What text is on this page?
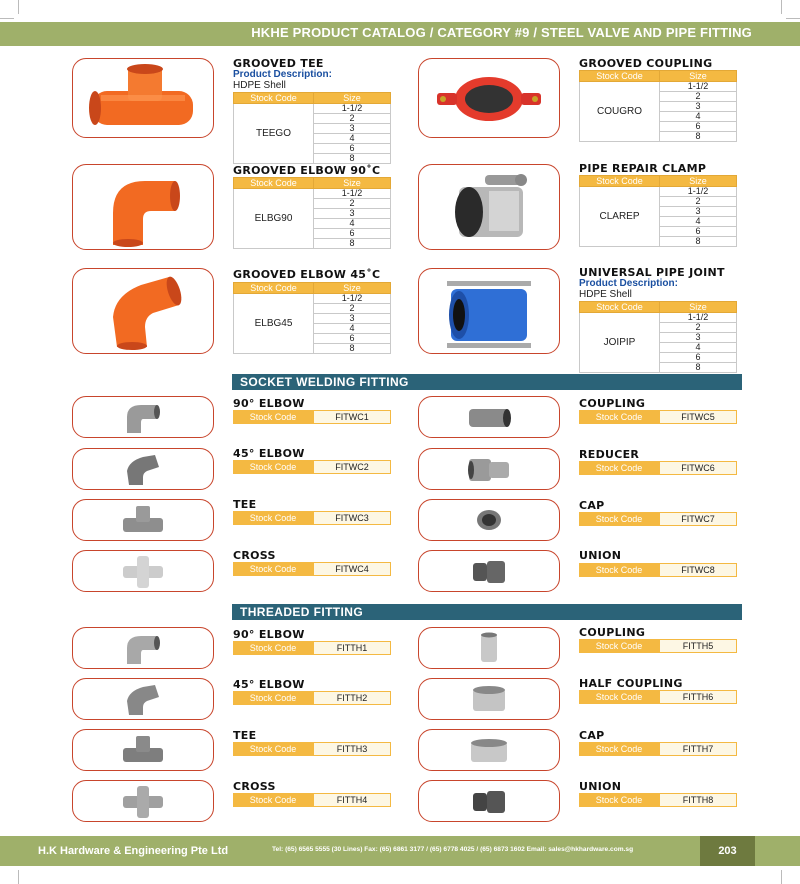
HKHE PRODUCT CATALOG / CATEGORY #9 / STEEL VALVE AND PIPE FITTING
GROOVED TEE
Product Description:
HDPE Shell
Stock Code	Size
TEEGO	1-1/2
	2
	3
	4
	6
	8
GROOVED COUPLING
Stock Code	Size
COUGRO	1-1/2
	2
	3
	4
	6
	8
GROOVED ELBOW 90˚C
Stock Code	Size
ELBG90	1-1/2
	2
	3
	4
	6
	8
PIPE REPAIR CLAMP
Stock Code	Size
CLAREP	1-1/2
	2
	3
	4
	6
	8
GROOVED ELBOW 45˚C
Stock Code	Size
ELBG45	1-1/2
	2
	3
	4
	6
	8
UNIVERSAL PIPE JOINT
Product Description:
HDPE Shell
Stock Code	Size
JOIPIP	1-1/2
	2
	3
	4
	6
	8
SOCKET WELDING FITTING
90° ELBOW
Stock Code	FITWC1
COUPLING
Stock Code	FITWC5
45° ELBOW
Stock Code	FITWC2
REDUCER
Stock Code	FITWC6
TEE
Stock Code	FITWC3
CAP
Stock Code	FITWC7
CROSS
Stock Code	FITWC4
UNION
Stock Code	FITWC8
THREADED FITTING
90° ELBOW
Stock Code	FITTH1
COUPLING
Stock Code	FITTH5
45° ELBOW
Stock Code	FITTH2
HALF COUPLING
Stock Code	FITTH6
TEE
Stock Code	FITTH3
CAP
Stock Code	FITTH7
CROSS
Stock Code	FITTH4
UNION
Stock Code	FITTH8
H.K Hardware & Engineering Pte Ltd	Tel: (65) 6565 5555 (30 Lines) Fax: (65) 6861 3177 / (65) 6778 4025 / (65) 6873 1602 Email: sales@hkhardware.com.sg	203
